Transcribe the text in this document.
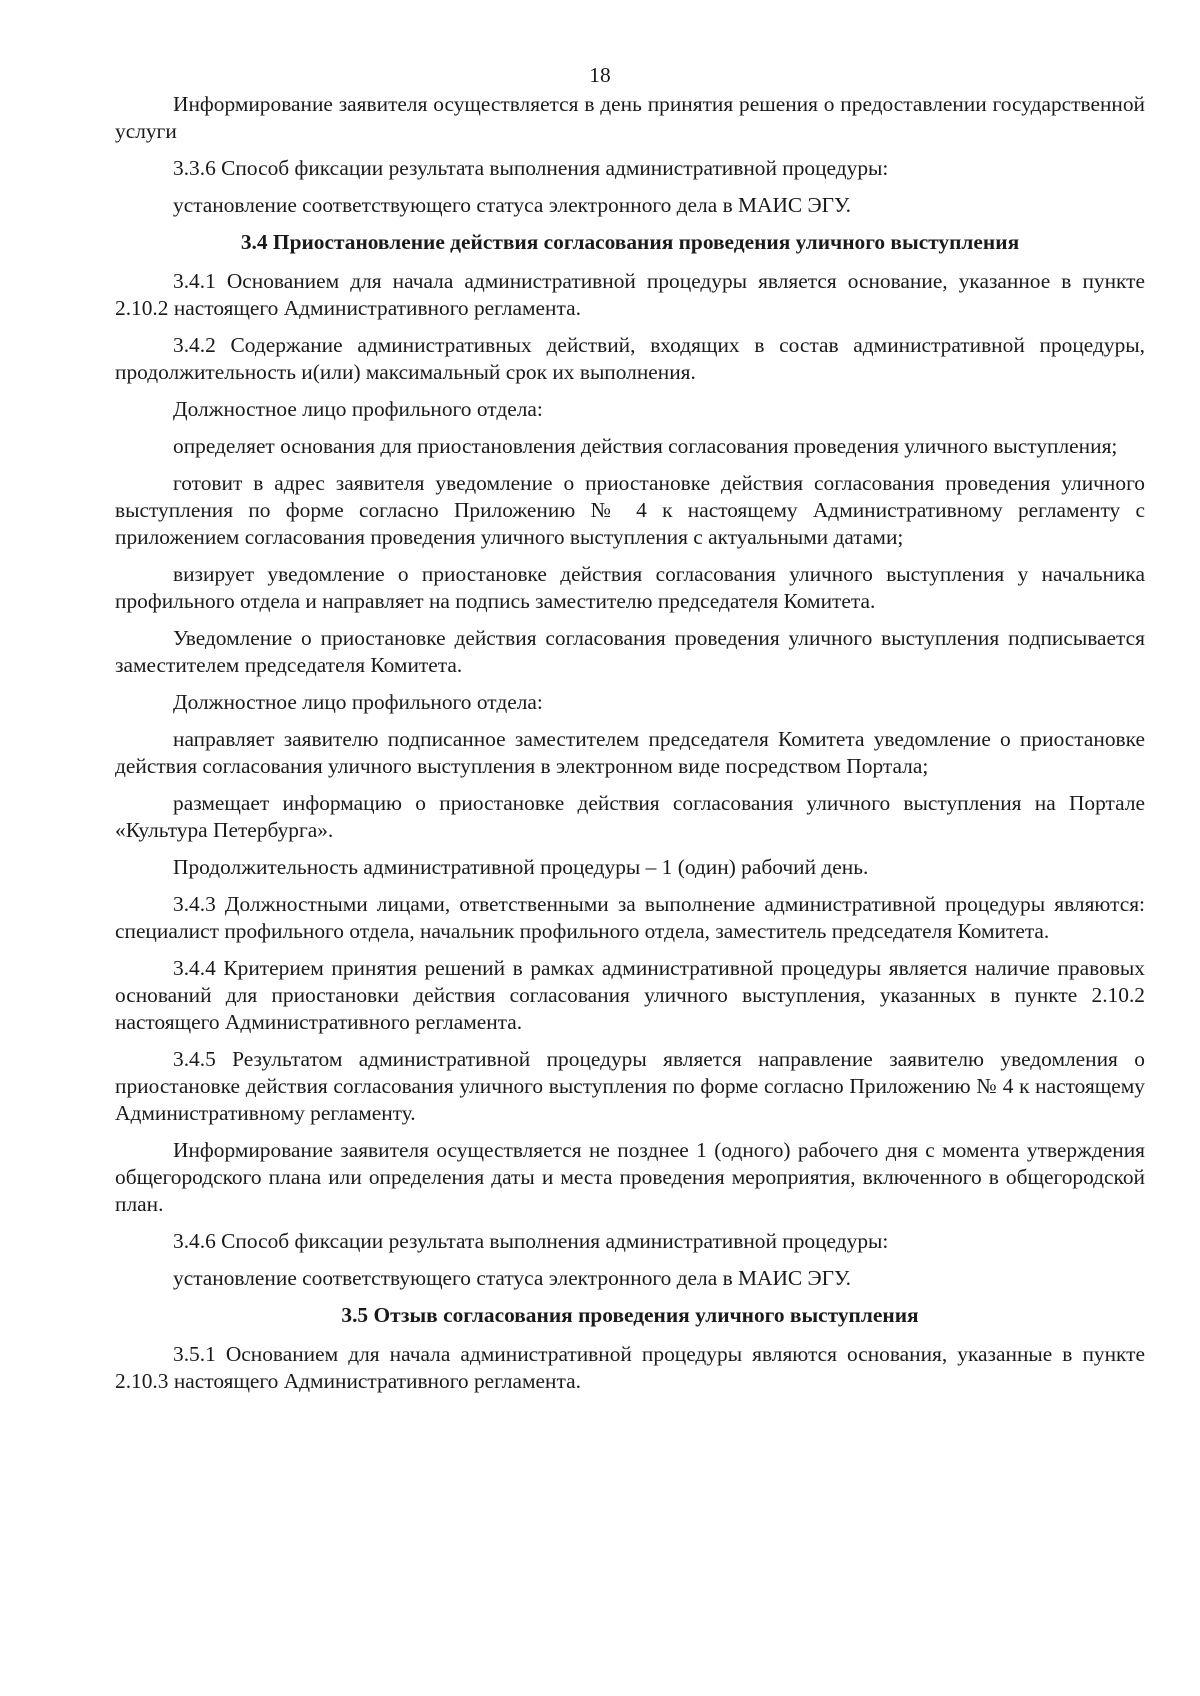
18

Информирование заявителя осуществляется в день принятия решения о предоставлении государственной услуги

3.3.6 Способ фиксации результата выполнения административной процедуры:

установление соответствующего статуса электронного дела в МАИС ЭГУ.

3.4 Приостановление действия согласования проведения уличного выступления

3.4.1 Основанием для начала административной процедуры является основание, указанное в пункте 2.10.2 настоящего Административного регламента.

3.4.2 Содержание административных действий, входящих в состав административной процедуры, продолжительность и(или) максимальный срок их выполнения.

Должностное лицо профильного отдела:

определяет основания для приостановления действия согласования проведения уличного выступления;

готовит в адрес заявителя уведомление о приостановке действия согласования проведения уличного выступления по форме согласно Приложению № 4 к настоящему Административному регламенту с приложением согласования проведения уличного выступления с актуальными датами;

визирует уведомление о приостановке действия согласования уличного выступления у начальника профильного отдела и направляет на подпись заместителю председателя Комитета.

Уведомление о приостановке действия согласования проведения уличного выступления подписывается заместителем председателя Комитета.

Должностное лицо профильного отдела:

направляет заявителю подписанное заместителем председателя Комитета уведомление о приостановке действия согласования уличного выступления в электронном виде посредством Портала;

размещает информацию о приостановке действия согласования уличного выступления на Портале «Культура Петербурга».

Продолжительность административной процедуры – 1 (один) рабочий день.

3.4.3 Должностными лицами, ответственными за выполнение административной процедуры являются: специалист профильного отдела, начальник профильного отдела, заместитель председателя Комитета.

3.4.4 Критерием принятия решений в рамках административной процедуры является наличие правовых оснований для приостановки действия согласования уличного выступления, указанных в пункте 2.10.2 настоящего Административного регламента.

3.4.5 Результатом административной процедуры является направление заявителю уведомления о приостановке действия согласования уличного выступления по форме согласно Приложению № 4 к настоящему Административному регламенту.

Информирование заявителя осуществляется не позднее 1 (одного) рабочего дня с момента утверждения общегородского плана или определения даты и места проведения мероприятия, включенного в общегородской план.

3.4.6 Способ фиксации результата выполнения административной процедуры:

установление соответствующего статуса электронного дела в МАИС ЭГУ.

3.5 Отзыв согласования проведения уличного выступления

3.5.1 Основанием для начала административной процедуры являются основания, указанные в пункте 2.10.3 настоящего Административного регламента.
